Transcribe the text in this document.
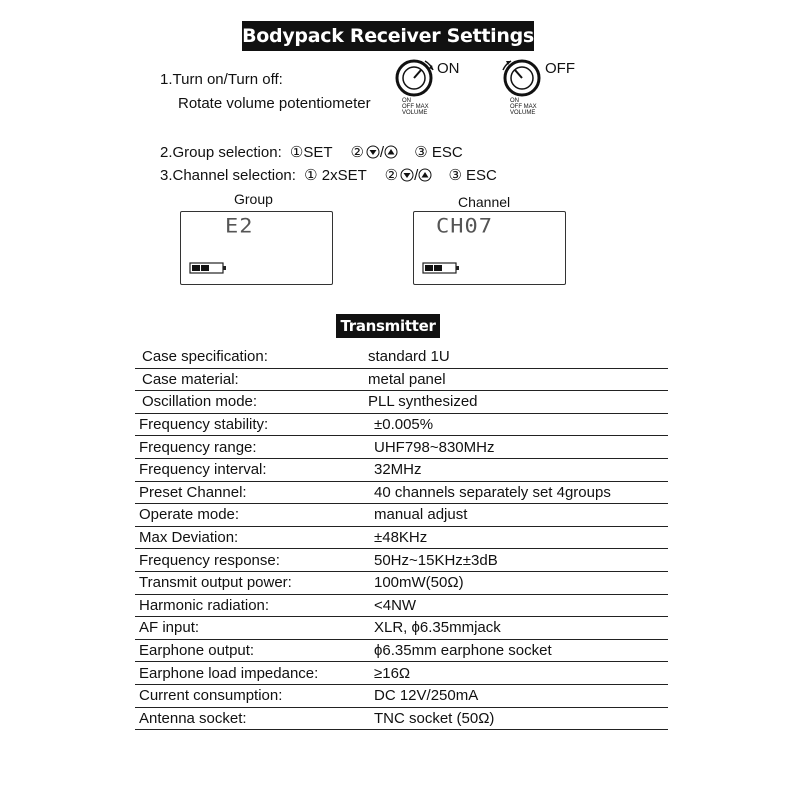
Bodypack Receiver Settings
1.Turn on/Turn off:
Rotate volume potentiometer
ON
ON
OFF MAX
VOLUME
OFF
ON
OFF MAX
VOLUME
2.Group selection: ①SET ② / ③ ESC
3.Channel selection: ① 2xSET ② / ③ ESC
Group
E2
Channel
CH07
Transmitter
Case specification:	standard 1U
Case material:	metal panel
Oscillation mode:	PLL synthesized
Frequency stability:	±0.005%
Frequency range:	UHF798~830MHz
Frequency interval:	32MHz
Preset Channel:	40 channels separately set 4groups
Operate mode:	manual adjust
Max Deviation:	±48KHz
Frequency response:	50Hz~15KHz±3dB
Transmit output power:	100mW(50Ω)
Harmonic radiation:	<4NW
AF input:	XLR, ϕ6.35mmjack
Earphone output:	ϕ6.35mm earphone socket
Earphone load impedance:	≥16Ω
Current consumption:	DC 12V/250mA
Antenna socket:	TNC socket (50Ω)
